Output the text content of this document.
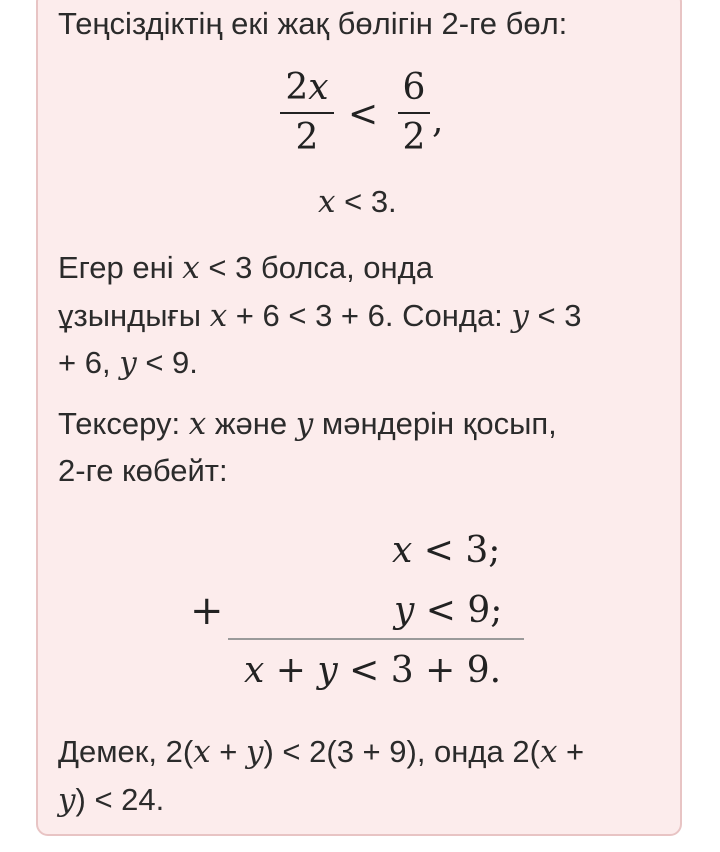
Теңсіздіктің екі жақ бөлігін 2-ге бөл:
2x
2
<
6
2 ,
x < 3.
Егер ені x < 3 болса, онда
ұзындығы x + 6 < 3 + 6. Сонда: y < 3
+ 6, y < 9.
Тексеру: x және y мәндерін қосып,
2-ге көбейт:
+
x < 3;
y < 9;
x + y < 3 + 9.
Демек, 2(x + y) < 2(3 + 9), онда 2(x +
y) < 24.
